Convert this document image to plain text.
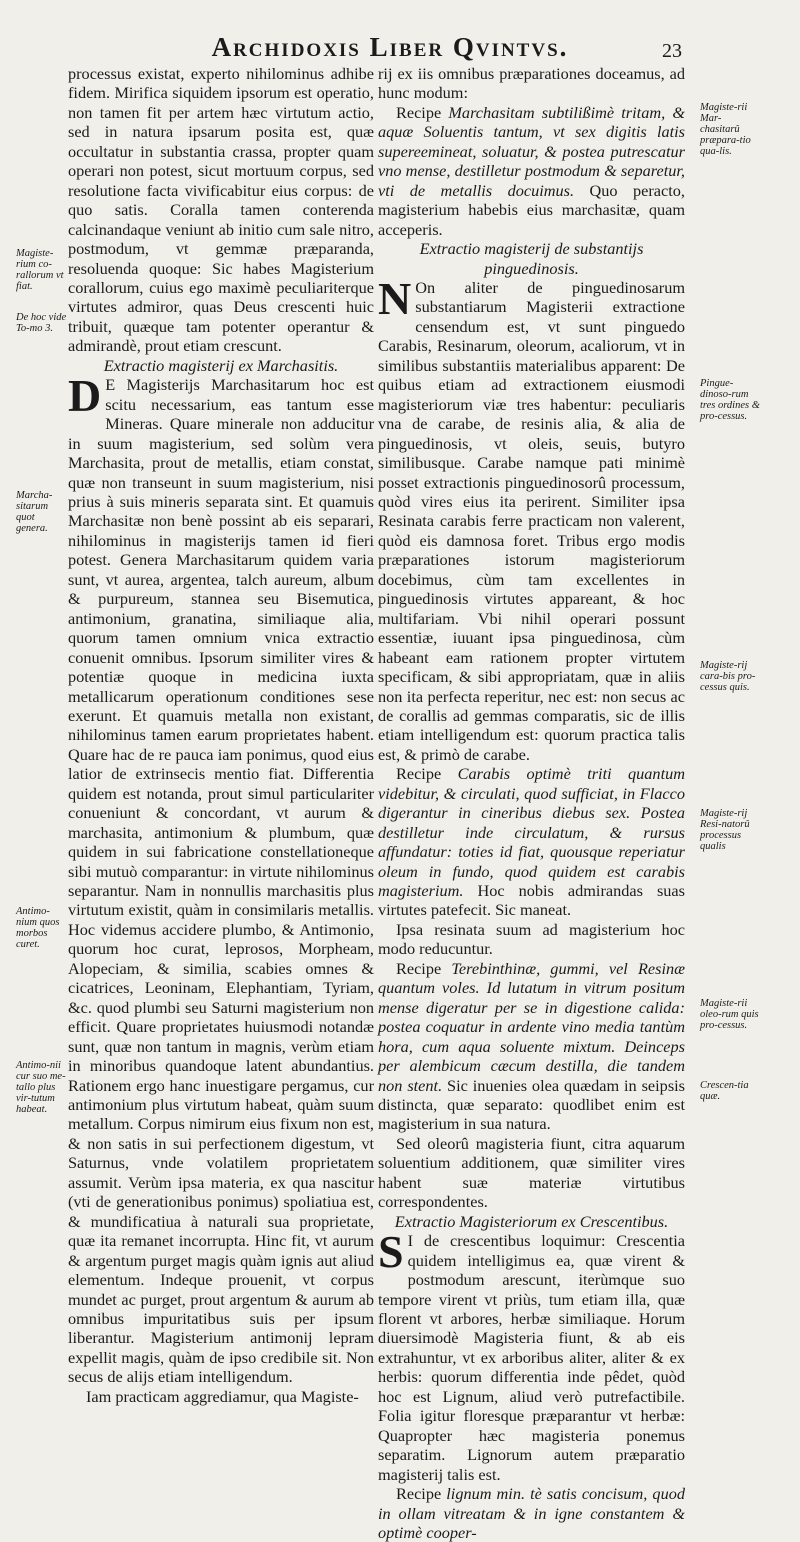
Archidoxis Liber Qvintvs.	23

processus existat, experto nihilominus adhibe fidem. Mirifica siquidem ipsorum est operatio, non tamen fit per artem hæc virtutum actio, sed in natura ipsarum posita est, quæ occultatur in substantia crassa, propter quam operari non potest, sicut mortuum corpus, sed resolutione facta vivificabitur eius corpus: de quo satis. Coralla tamen conterenda calcinandaque veniunt ab initio cum sale nitro, postmodum, vt gemmæ præparanda, resoluenda quoque: Sic habes Magisterium corallorum, cuius ego maximè peculiariterque virtutes admiror, quas Deus crescenti huic tribuit, quæque tam potenter operantur & admirandè, prout etiam crescunt.

Extractio magisterij ex Marchasitis.

D E Magisterijs Marchasitarum hoc est scitu necessarium, eas tantum esse Mineras. Quare minerale non adducitur in suum magisterium, sed solùm vera Marchasita, prout de metallis, etiam constat, quæ non transeunt in suum magisterium, nisi prius à suis mineris separata sint. Et quamuis Marchasitæ non benè possint ab eis separari, nihilominus in magisterijs tamen id fieri potest. Genera Marchasitarum quidem varia sunt, vt aurea, argentea, talch aureum, album & purpureum, stannea seu Bisemutica, antimonium, granatina, similiaque alia, quorum tamen omnium vnica extractio conuenit omnibus. Ipsorum similiter vires & potentiæ quoque in medicina iuxta metallicarum operationum conditiones sese exerunt. Et quamuis metalla non existant, nihilominus tamen earum proprietates habent. Quare hac de re pauca iam ponimus, quod eius latior de extrinsecis mentio fiat. Differentia quidem est notanda, prout simul particulariter conueniunt & concordant, vt aurum & marchasita, antimonium & plumbum, quæ quidem in sui fabricatione constellationeque sibi mutuò comparantur: in virtute nihilominus separantur. Nam in nonnullis marchasitis plus virtutum existit, quàm in consimilaris metallis. Hoc videmus accidere plumbo, & Antimonio, quorum hoc curat, leprosos, Morpheam, Alopeciam, & similia, scabies omnes & cicatrices, Leoninam, Elephantiam, Tyriam, &c. quod plumbi seu Saturni magisterium non efficit. Quare proprietates huiusmodi notandæ sunt, quæ non tantum in magnis, verùm etiam in minoribus quandoque latent abundantius. Rationem ergo hanc inuestigare pergamus, cur antimonium plus virtutum habeat, quàm suum metallum. Corpus nimirum eius fixum non est, & non satis in sui perfectionem digestum, vt Saturnus, vnde volatilem proprietatem assumit. Verùm ipsa materia, ex qua nascitur (vti de generationibus ponimus) spoliatiua est, & mundificatiua à naturali sua proprietate, quæ ita remanet incorrupta. Hinc fit, vt aurum & argentum purget magis quàm ignis aut aliud elementum. Indeque prouenit, vt corpus mundet ac purget, prout argentum & aurum ab omnibus impuritatibus suis per ipsum liberantur. Magisterium antimonij lepram expellit magis, quàm de ipso credibile sit. Non secus de alijs etiam intelligendum.

Iam practicam aggrediamur, qua Magiste-

rij ex iis omnibus præparationes doceamus, ad hunc modum:

Recipe Marchasitam subtilißimè tritam, & aquæ Soluentis tantum, vt sex digitis latis supereemineat, soluatur, & postea putrescatur vno mense, destilletur postmodum & separetur, vti de metallis docuimus. Quo peracto, magisterium habebis eius marchasitæ, quam acceperis.

Extractio magisterij de substantijs pinguedinosis.

N On aliter de pinguedinosarum substantiarum Magisterii extractione censendum est, vt sunt pinguedo Carabis, Resinarum, oleorum, acaliorum, vt in similibus substantiis materialibus apparent: De quibus etiam ad extractionem eiusmodi magisteriorum viæ tres habentur: peculiaris vna de carabe, de resinis alia, & alia de pinguedinosis, vt oleis, seuis, butyro similibusque. Carabe namque pati minimè posset extractionis pinguedinosorû processum, quòd vires eius ita perirent. Similiter ipsa Resinata carabis ferre practicam non valerent, quòd eis damnosa foret. Tribus ergo modis præparationes istorum magisteriorum docebimus, cùm tam excellentes in pinguedinosis virtutes appareant, & hoc multifariam. Vbi nihil operari possunt essentiæ, iuuant ipsa pinguedinosa, cùm habeant eam rationem propter virtutem specificam, & sibi appropriatam, quæ in aliis non ita perfecta reperitur, nec est: non secus ac de corallis ad gemmas comparatis, sic de illis etiam intelligendum est: quorum practica talis est, & primò de carabe.

Recipe Carabis optimè triti quantum videbitur, & circulati, quod sufficiat, in Flacco digerantur in cineribus diebus sex. Postea destilletur inde circulatum, & rursus affundatur: toties id fiat, quousque reperiatur oleum in fundo, quod quidem est carabis magisterium. Hoc nobis admirandas suas virtutes patefecit. Sic maneat.

Ipsa resinata suum ad magisterium hoc modo reducuntur.

Recipe Terebinthinæ, gummi, vel Resinæ quantum voles. Id lutatum in vitrum positum mense digeratur per se in digestione calida: postea coquatur in ardente vino media tantùm hora, cum aqua soluente mixtum. Deinceps per alembicum cæcum destilla, die tandem non stent. Sic inuenies olea quædam in seipsis distincta, quæ separato: quodlibet enim est magisterium in sua natura.

Sed oleorû magisteria fiunt, citra aquarum soluentium additionem, quæ similiter vires habent suæ materiæ virtutibus correspondentes.

Extractio Magisteriorum ex Crescentibus.

S I de crescentibus loquimur: Crescentia quidem intelligimus ea, quæ virent & postmodum arescunt, iterùmque suo tempore virent vt priùs, tum etiam illa, quæ florent vt arbores, herbæ similiaque. Horum diuersimodè Magisteria fiunt, & ab eis extrahuntur, vt ex arboribus aliter, aliter & ex herbis: quorum differentia inde pêdet, quòd hoc est Lignum, aliud verò putrefactibile. Folia igitur floresque præparantur vt herbæ: Quapropter hæc magisteria ponemus separatim. Lignorum autem præparatio magisterij talis est.

Recipe lignum min. tè satis concisum, quod in ollam vitreatam & in igne constantem & optimè cooper-

Magiste-rium co-rallorum vt fiat.
De hoc vide To-mo 3.
Marcha-sitarum quot genera.
Antimo-nium quos morbos curet.
Antimo-nii cur suo me-tallo plus vir-tutum habeat.
Magiste-rii Mar-chasitarû præpara-tio qua-lis.
Pingue-dinoso-rum tres ordines & pro-cessus.
Magiste-rij cara-bis pro-cessus quis.
Magiste-rij Resi-natorû processus qualis
Magiste-rii oleo-rum quis pro-cessus.
Crescen-tia quæ.
